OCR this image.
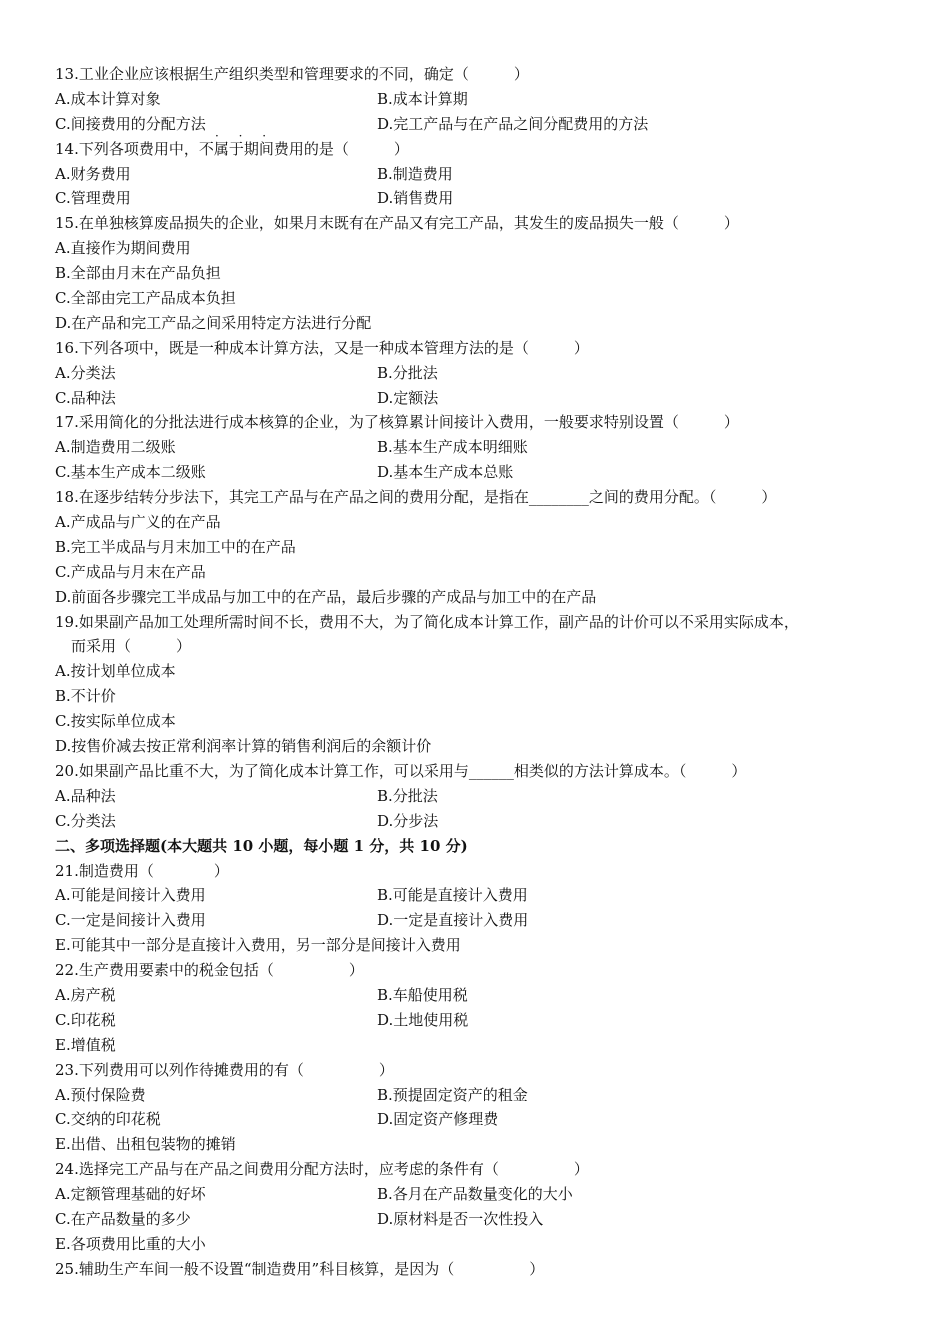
13.工业企业应该根据生产组织类型和管理要求的不同，确定（　　　）
A.成本计算对象	B.成本计算期
C.间接费用的分配方法	D.完工产品与在产品之间分配费用的方法
· · ·
14.下列各项费用中，不属于期间费用的是（　　　）
A.财务费用	B.制造费用
C.管理费用	D.销售费用
15.在单独核算废品损失的企业，如果月末既有在产品又有完工产品，其发生的废品损失一般（　　　）
A.直接作为期间费用
B.全部由月末在产品负担
C.全部由完工产品成本负担
D.在产品和完工产品之间采用特定方法进行分配
16.下列各项中，既是一种成本计算方法，又是一种成本管理方法的是（　　　）
A.分类法	B.分批法
C.品种法	D.定额法
17.采用简化的分批法进行成本核算的企业，为了核算累计间接计入费用，一般要求特别设置（　　　）
A.制造费用二级账	B.基本生产成本明细账
C.基本生产成本二级账	D.基本生产成本总账
18.在逐步结转分步法下，其完工产品与在产品之间的费用分配，是指在________之间的费用分配。（　　　）
A.产成品与广义的在产品
B.完工半成品与月末加工中的在产品
C.产成品与月末在产品
D.前面各步骤完工半成品与加工中的在产品，最后步骤的产成品与加工中的在产品
19.如果副产品加工处理所需时间不长，费用不大，为了简化成本计算工作，副产品的计价可以不采用实际成本，
而采用（　　　）
A.按计划单位成本
B.不计价
C.按实际单位成本
D.按售价减去按正常利润率计算的销售利润后的余额计价
20.如果副产品比重不大，为了简化成本计算工作，可以采用与______相类似的方法计算成本。（　　　）
A.品种法	B.分批法
C.分类法	D.分步法
二、多项选择题(本大题共 10 小题，每小题 1 分，共 10 分)
21.制造费用（　　　　）
A.可能是间接计入费用	B.可能是直接计入费用
C.一定是间接计入费用	D.一定是直接计入费用
E.可能其中一部分是直接计入费用，另一部分是间接计入费用
22.生产费用要素中的税金包括（　　　　　）
A.房产税	B.车船使用税
C.印花税	D.土地使用税
E.增值税
23.下列费用可以列作待摊费用的有（　　　　　）
A.预付保险费	B.预提固定资产的租金
C.交纳的印花税	D.固定资产修理费
E.出借、出租包装物的摊销
24.选择完工产品与在产品之间费用分配方法时，应考虑的条件有（　　　　　）
A.定额管理基础的好坏	B.各月在产品数量变化的大小
C.在产品数量的多少	D.原材料是否一次性投入
E.各项费用比重的大小
25.辅助生产车间一般不设置“制造费用”科目核算，是因为（　　　　　）
